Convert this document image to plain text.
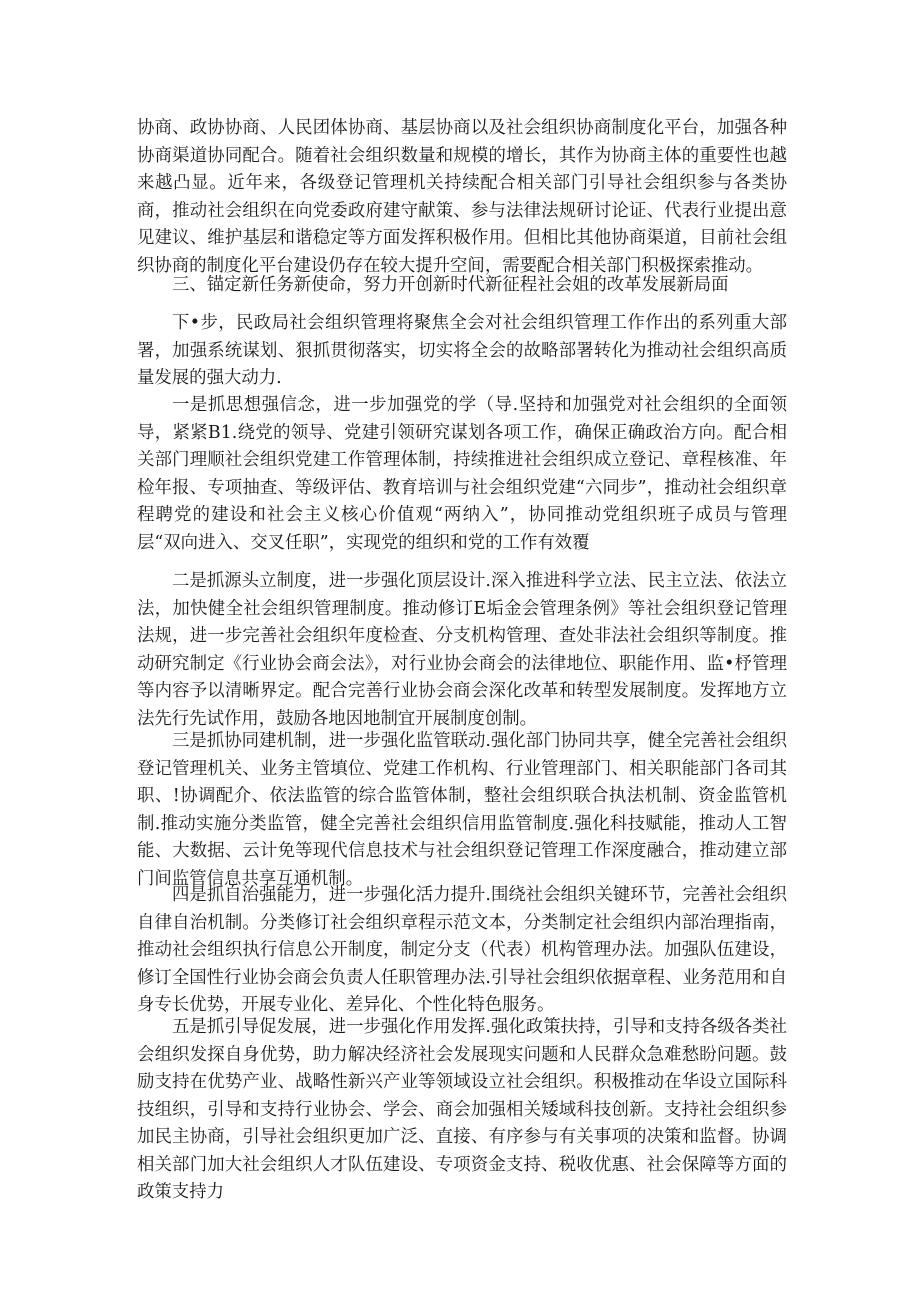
协商、政协协商、人民团体协商、基层协商以及社会组织协商制度化平台，加强各种协商渠道协同配合。随着社会组织数量和规模的增长，其作为协商主体的重要性也越来越凸显。近年来，各级登记管理机关持续配合相关部门引导社会组织参与各类协商，推动社会组织在向党委政府建守献策、参与法律法规研讨论证、代表行业提出意见建议、维护基层和谐稳定等方面发挥积极作用。但相比其他协商渠道，目前社会组织协商的制度化平台建设仍存在较大提升空间，需要配合相关部门积极探索推动。

三、锚定新任务新使命，努力开创新时代新征程社会姐的改革发展新局面

下•步，民政局社会组织管理将聚焦全会对社会组织管理工作作出的系列重大部署，加强系统谋划、狠抓贯彻落实，切实将全会的故略部署转化为推动社会组织高质量发展的强大动力.

一是抓思想强信念，进一步加强党的学（导.坚持和加强党对社会组织的全面领导，紧紧B1.绕党的领导、党建引领研究谋划各项工作，确保正确政治方向。配合相关部门理顺社会组织党建工作管理体制，持续推进社会组织成立登记、章程核准、年检年报、专项抽查、等级评估、教育培训与社会组织党建“六同步”，推动社会组织章程聘党的建设和社会主义核心价值观“两纳入”，协同推动党组织班子成员与管理层“双向进入、交叉任职”，实现党的组织和党的工作有效覆

二是抓源头立制度，进一步强化顶层设计.深入推进科学立法、民主立法、依法立法，加快健全社会组织管理制度。推动修订E垢金会管理条例》等社会组织登记管理法规，进一步完善社会组织年度检查、分支机构管理、查处非法社会组织等制度。推动研究制定《行业协会商会法》，对行业协会商会的法律地位、职能作用、监•杼管理等内容予以清晰界定。配合完善行业协会商会深化改革和转型发展制度。发挥地方立法先行先试作用，鼓励各地因地制宜开展制度创制。

三是抓协同建机制，进一步强化监管联动.强化部门协同共享，健全完善社会组织登记管理机关、业务主管填位、党建工作机构、行业管理部门、相关职能部门各司其职、!协调配介、依法监管的综合监管体制，整社会组织联合执法机制、资金监管机制.推动实施分类监管，健全完善社会组织信用监管制度.强化科技赋能，推动人工智能、大数据、云计免等现代信息技术与社会组织登记管理工作深度融合，推动建立部门间监管信息共享互通机制。

四是抓自治强能力，进一步强化活力提升.围绕社会组织关键环节，完善社会组织自律自治机制。分类修订社会组织章程示范文本，分类制定社会组织内部治理指南，推动社会组织执行信息公开制度，制定分支（代表）机构管理办法。加强队伍建设，修订全国性行业协会商会负责人任职管理办法.引导社会组织依据章程、业务范用和自身专长优势，开展专业化、差异化、个性化特色服务。

五是抓引导促发展，进一步强化作用发挥.强化政策扶持，引导和支持各级各类社会组织发探自身优势，助力解决经济社会发展现实问题和人民群众急难愁盼问题。鼓励支持在优势产业、战略性新兴产业等领域设立社会组织。积极推动在华设立国际科技组织，引导和支持行业协会、学会、商会加强相关矮域科技创新。支持社会组织参加民主协商，引导社会组织更加广泛、直接、有序参与有关事项的决策和监督。协调相关部门加大社会组织人才队伍建设、专项资金支持、税收优惠、社会保障等方面的政策支持力
